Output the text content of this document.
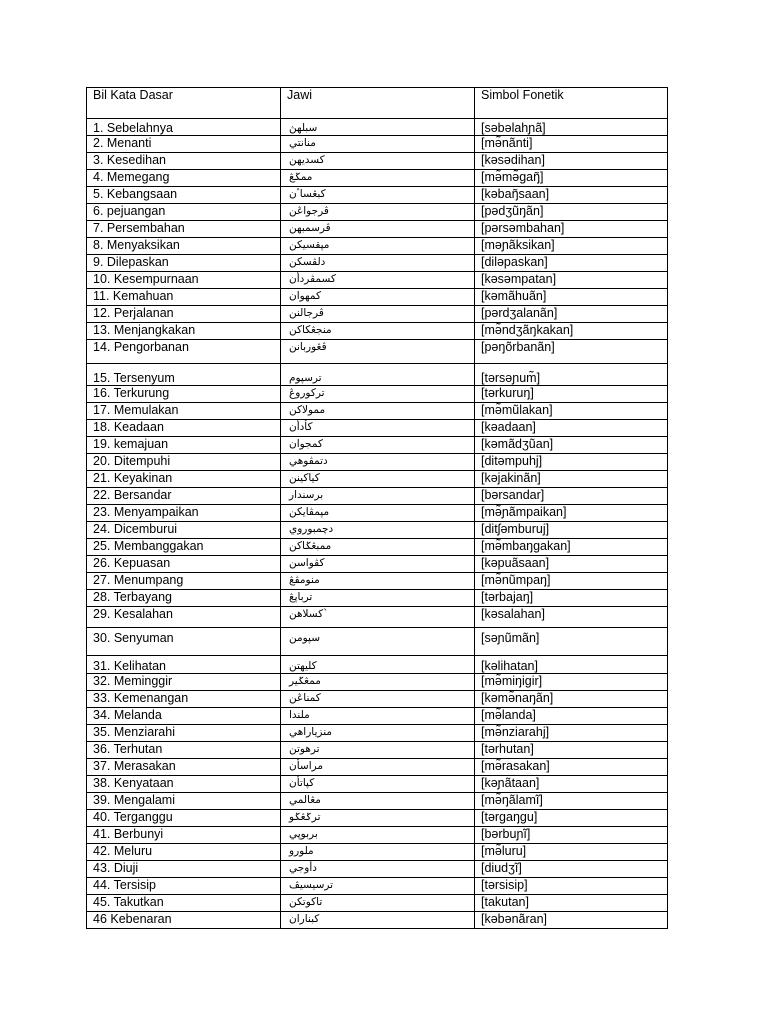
Bil Kata Dasar	Jawi	Simbol Fonetik
1. Sebelahnya	سبلهڽ	[səbəlahɲã]
2. Menanti	منانتي	[mə̃nãnti]
3. Kesedihan	كسديهن	[kəsədihan]
4. Memegang	ممݢڠ	[mə̃mə̃gaŋ̃]
5. Kebangsaan	كبڠسا‌ٴن	[kəbaŋ̃saan]
6. pejuangan	ڤرجواڠن	[pədʒũŋãn]
7. Persembahan	ڤرسمبهن	[pərsəmbahan]
8. Menyaksikan	مڽقسيكن	[məɲãksikan]
9. Dilepaskan	دلڤسكن	[diləpaskan]
10. Kesempurnaan	كسمڤردأن	[kəsəmpatan]
11. Kemahuan	كمهوان	[kəmãhuãn]
12. Perjalanan	ڤرجالنن	[pərdʒalanãn]
13. Menjangkakan	منجڠكاكن	[mə̃ndʒãŋkakan]
14. Pengorbanan	ڤڠوربانن	[pəŋõrbanãn]
15. Tersenyum	ترسڽوم	[tərsəɲum̃]
16. Terkurung	ترکوروڠ	[tərkuruŋ]
17. Memulakan	ممولاكن	[mə̃mũlakan]
18. Keadaan	كأدأن	[kəadaan]
19. kemajuan	كمجوان	[kəmãdʒũan]
20. Ditempuhi	دتمڤوهي	[ditəmpuhj]
21. Keyakinan	كياكينن	[kəjakinãn]
22. Bersandar	برسندار	[bərsandar]
23. Menyampaikan	مڽمڤايكن	[mə̃ɲãmpaikan]
24. Dicemburui	دچمبوروي	[ditʃəmburuj]
25. Membanggakan	ممبڠݢاكن	[mə̃mbaŋgakan]
26. Kepuasan	كڤواسن	[kəpuãsaan]
27. Menumpang	منومڤڠ	[mə̃nũmpaŋ]
28. Terbayang	ترباڽڠ	[tərbajaŋ]
29. Kesalahan	كسلاهن`	[kəsalahan]
30. Senyuman	سڽومن	[səɲũmãn]
31. Kelihatan	كليهتن	[kəlihatan]
32. Meminggir	ممڠݢير	[mə̃miŋigir]
33. Kemenangan	كمناڠن	[kəmə̃naŋãn]
34. Melanda	ملندا	[mə̃landa]
35. Menziarahi	منزياراهي	[mə̃nziarahj]
36. Terhutan	ترهوتن	[tərhutan]
37. Merasakan	مراسأن	[mə̃rasakan]
38. Kenyataan	كڽاتأن	[kəɲãtaan]
39. Mengalami	مڠالمي	[mə̃ŋãlamĩ]
40. Terganggu	ترݢڠݢو	[tərgaŋgu]
41. Berbunyi	بربوڽي	[bərbuɲĩ]
42. Meluru	ملورو	[mə̃luru]
43. Diuji	دأوجي	[diudʒĩ]
44. Tersisip	ترسيسيڤ	[tərsisip]
45. Takutkan	تاكوتكن	[takutan]
46 Kebenaran	كبناران	[kəbənãran]
